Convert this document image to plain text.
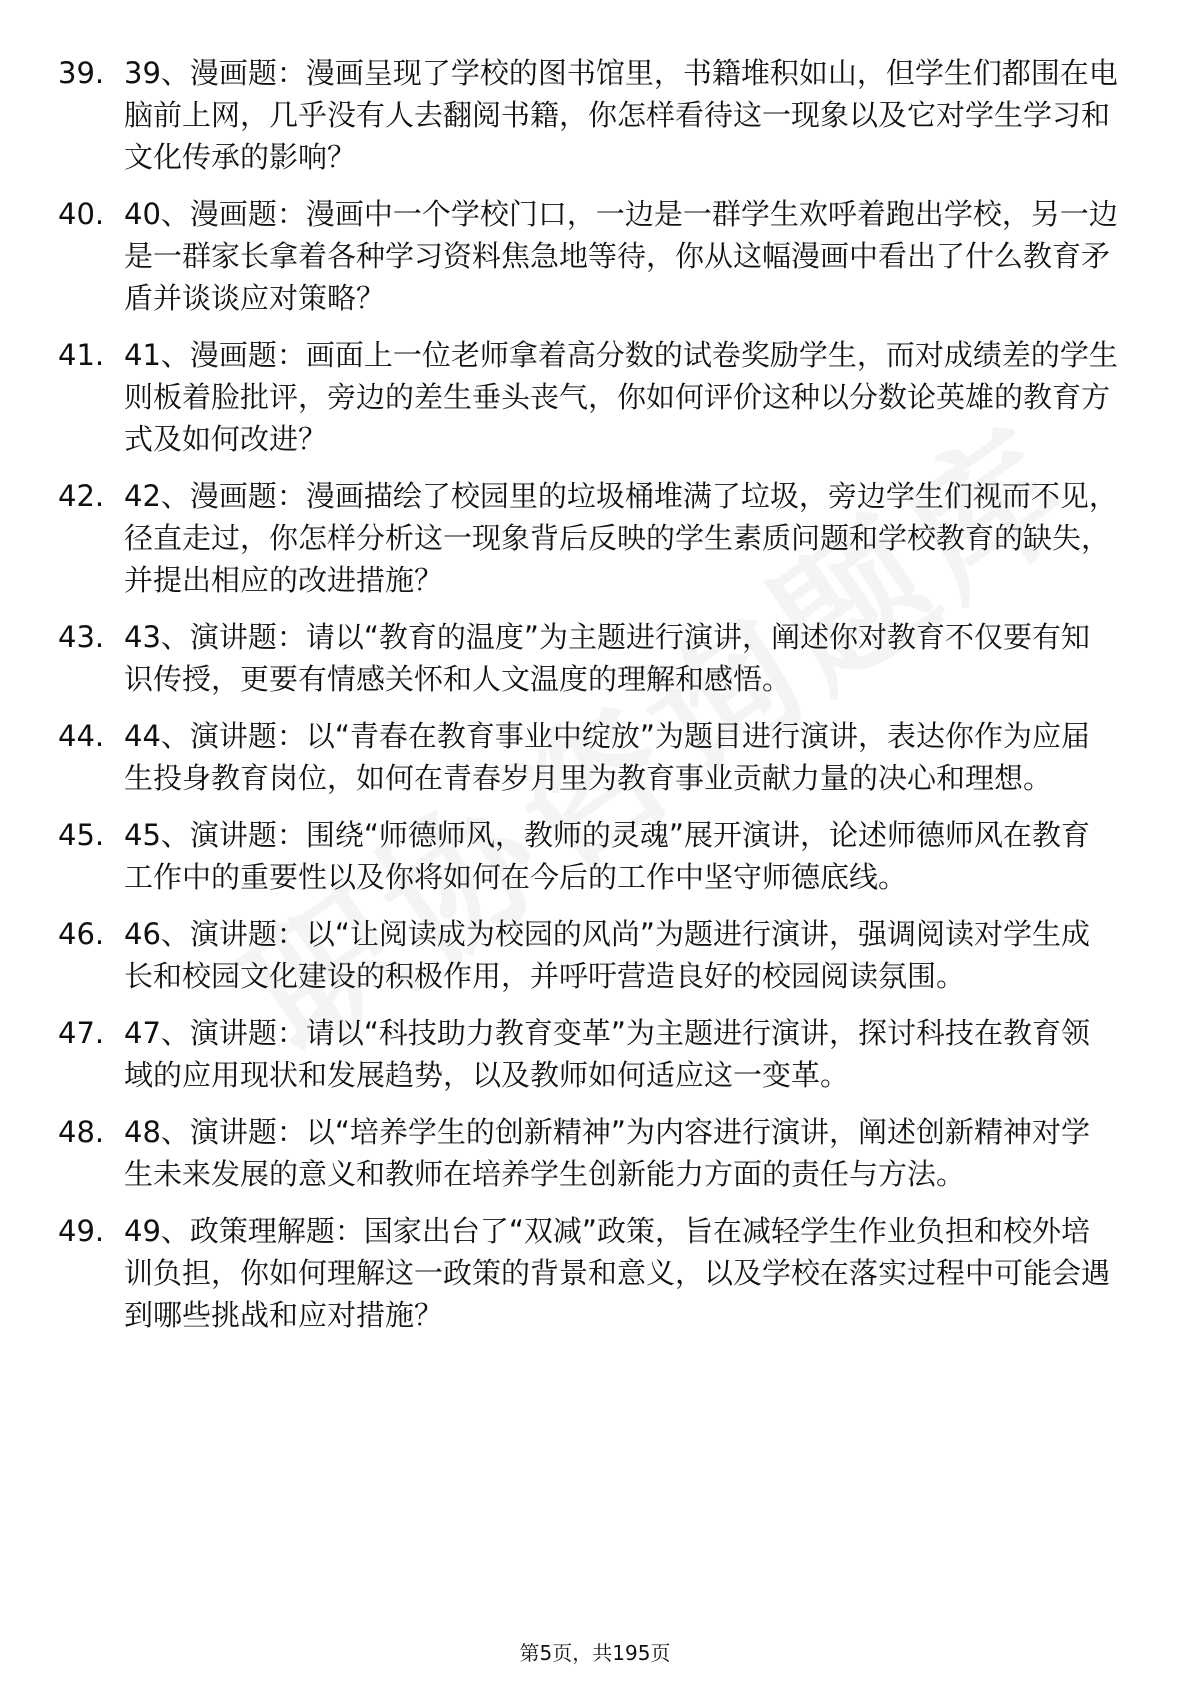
39. 39、漫画题：漫画呈现了学校的图书馆里，书籍堆积如山，但学生们都围在电脑前上网，几乎没有人去翻阅书籍，你怎样看待这一现象以及它对学生学习和文化传承的影响？
40. 40、漫画题：漫画中一个学校门口，一边是一群学生欢呼着跑出学校，另一边是一群家长拿着各种学习资料焦急地等待，你从这幅漫画中看出了什么教育矛盾并谈谈应对策略？
41. 41、漫画题：画面上一位老师拿着高分数的试卷奖励学生，而对成绩差的学生则板着脸批评，旁边的差生垂头丧气，你如何评价这种以分数论英雄的教育方式及如何改进？
42. 42、漫画题：漫画描绘了校园里的垃圾桶堆满了垃圾，旁边学生们视而不见，径直走过，你怎样分析这一现象背后反映的学生素质问题和学校教育的缺失，并提出相应的改进措施？
43. 43、演讲题：请以“教育的温度”为主题进行演讲，阐述你对教育不仅要有知识传授，更要有情感关怀和人文温度的理解和感悟。
44. 44、演讲题：以“青春在教育事业中绽放”为题目进行演讲，表达你作为应届生投身教育岗位，如何在青春岁月里为教育事业贡献力量的决心和理想。
45. 45、演讲题：围绕“师德师风，教师的灵魂”展开演讲，论述师德师风在教育工作中的重要性以及你将如何在今后的工作中坚守师德底线。
46. 46、演讲题：以“让阅读成为校园的风尚”为题进行演讲，强调阅读对学生成长和校园文化建设的积极作用，并呼吁营造良好的校园阅读氛围。
47. 47、演讲题：请以“科技助力教育变革”为主题进行演讲，探讨科技在教育领域的应用现状和发展趋势，以及教师如何适应这一变革。
48. 48、演讲题：以“培养学生的创新精神”为内容进行演讲，阐述创新精神对学生未来发展的意义和教师在培养学生创新能力方面的责任与方法。
49. 49、政策理解题：国家出台了“双减”政策，旨在减轻学生作业负担和校外培训负担，你如何理解这一政策的背景和意义，以及学校在落实过程中可能会遇到哪些挑战和应对措施？
第5页，共195页
